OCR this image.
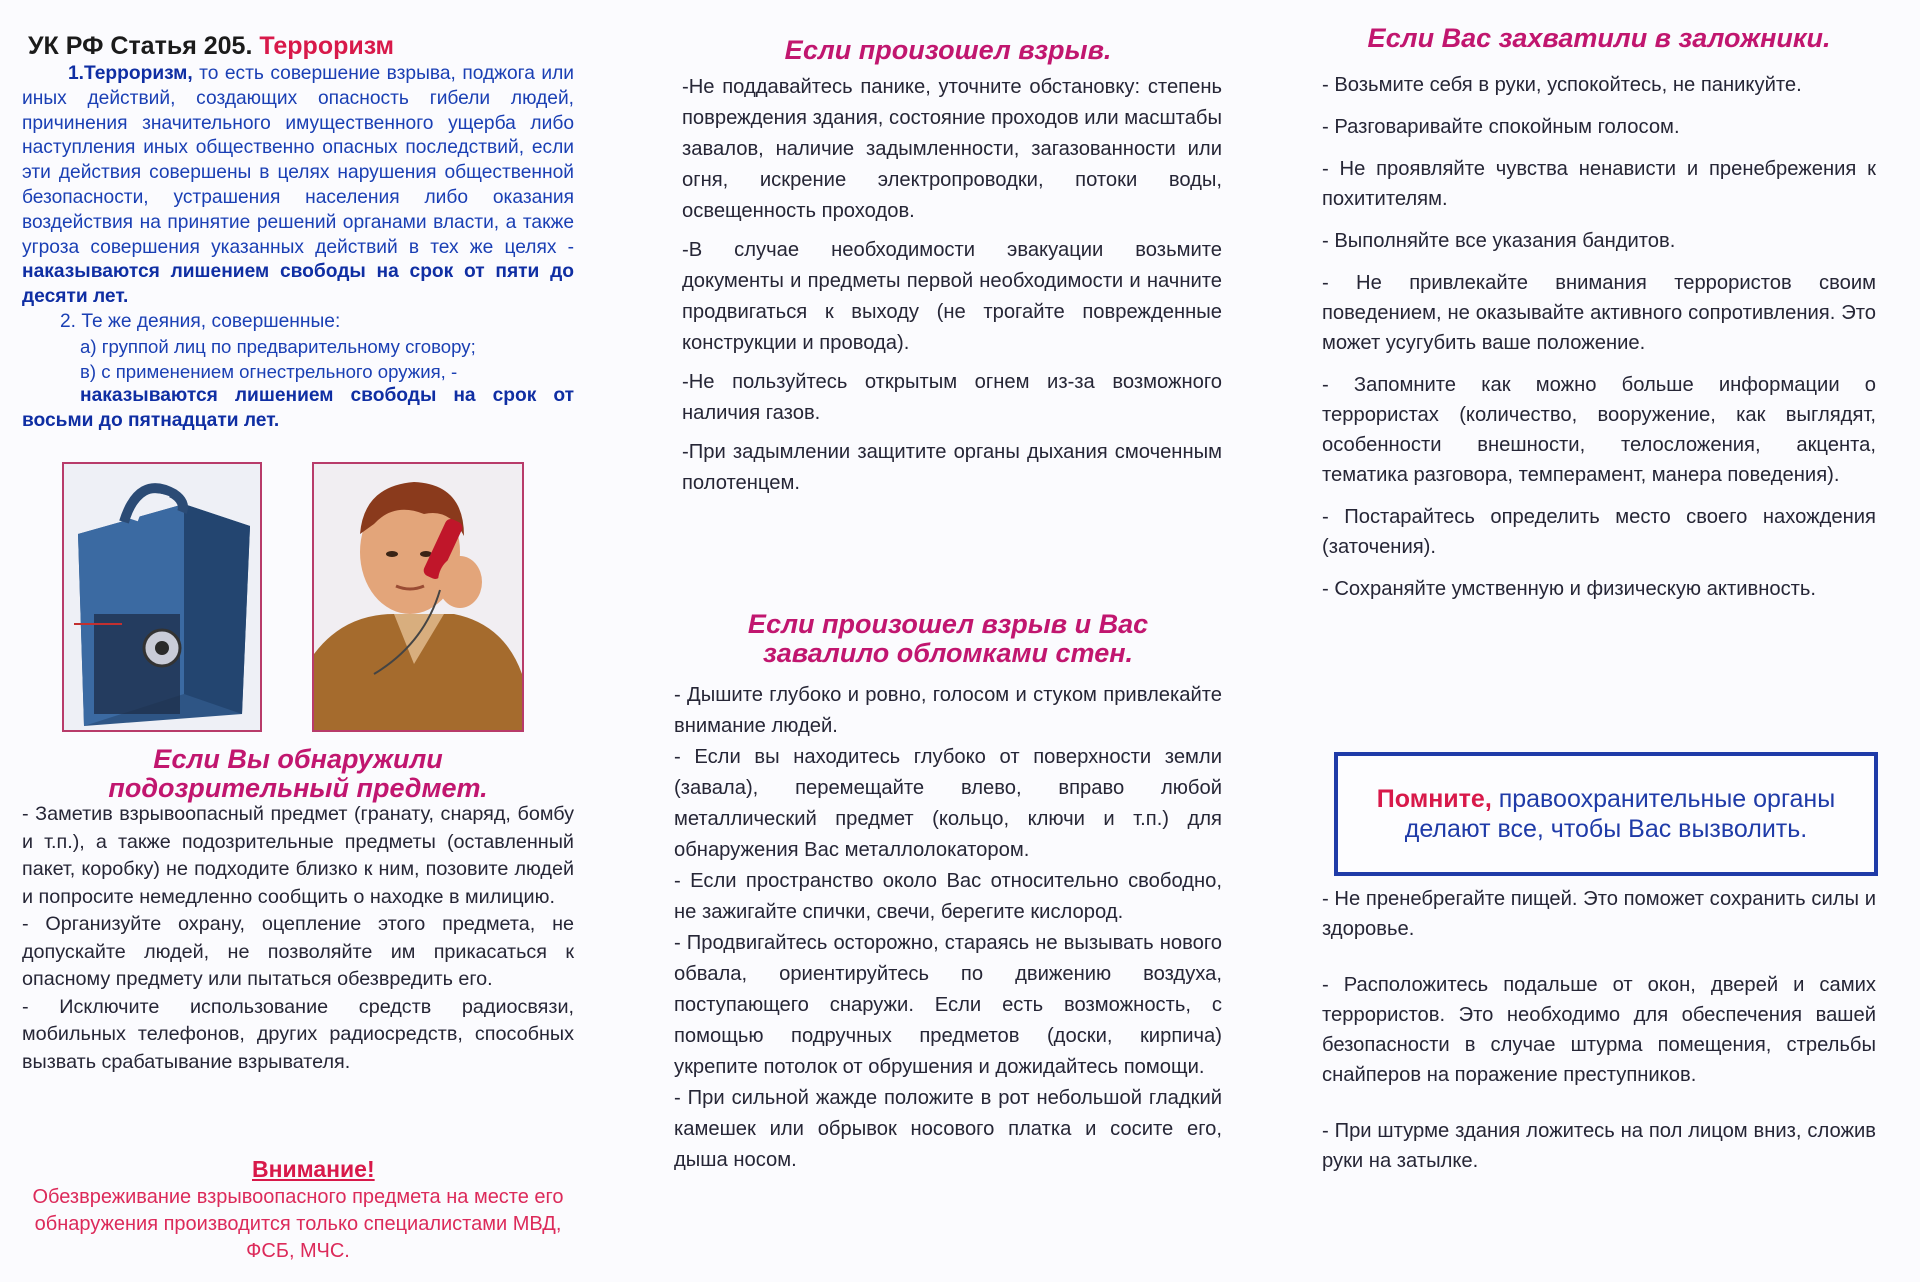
УК РФ Статья 205. Терроризм
1.Терроризм, то есть совершение взрыва, поджога или иных действий, создающих опасность гибели людей, причинения значительного имущественного ущерба либо наступления иных общественно опасных последствий, если эти действия совершены в целях нарушения общественной безопасности, устрашения населения либо оказания воздействия на принятие решений органами власти, а также угроза совершения указанных действий в тех же целях - наказываются лишением свободы на срок от пяти до десяти лет.
2. Те же деяния, совершенные:
а) группой лиц по предварительному сговору;
в) с применением огнестрельного оружия, -
наказываются лишением свободы на срок от восьми до пятнадцати лет.
Если Вы обнаружили
подозрительный предмет.

- Заметив взрывоопасный предмет (гранату, снаряд, бомбу и т.п.), а также подозрительные предметы (оставленный пакет, коробку) не подходите близко к ним, позовите людей и попросите немедленно сообщить о находке в милицию.

- Организуйте охрану, оцепление этого предмета, не допускайте людей, не позволяйте им прикасаться к опасному предмету или пытаться обезвредить его.

- Исключите использование средств радиосвязи, мобильных телефонов, других радиосредств, способных вызвать срабатывание взрывателя.

Внимание!
Обезвреживание взрывоопасного предмета на месте его обнаружения производится только специалистами МВД, ФСБ, МЧС.
Если произошел взрыв.

-Не поддавайтесь панике, уточните обстановку: степень повреждения здания, состояние проходов или масштабы завалов, наличие задымленности, загазованности или огня, искрение электропроводки, потоки воды, освещенность проходов.

-В случае необходимости эвакуации возьмите документы и предметы первой необходимости и начните продвигаться к выходу (не трогайте поврежденные конструкции и провода).

-Не пользуйтесь открытым огнем из-за возможного наличия газов.

-При задымлении защитите органы дыхания смоченным полотенцем.

Если произошел взрыв и Вас
завалило обломками стен.

- Дышите глубоко и ровно, голосом и стуком привлекайте внимание людей.

- Если вы находитесь глубоко от поверхности земли (завала), перемещайте влево, вправо любой металлический предмет (кольцо, ключи и т.п.) для обнаружения Вас металлолокатором.

- Если пространство около Вас относительно свободно, не зажигайте спички, свечи, берегите кислород.

- Продвигайтесь осторожно, стараясь не вызывать нового обвала, ориентируйтесь по движению воздуха, поступающего снаружи. Если есть возможность, с помощью подручных предметов (доски, кирпича) укрепите потолок от обрушения и дожидайтесь помощи.

- При сильной жажде положите в рот небольшой гладкий камешек или обрывок носового платка и сосите его, дыша носом.

Если Вас захватили в заложники.

- Возьмите себя в руки, успокойтесь, не паникуйте.

- Разговаривайте спокойным голосом.

- Не проявляйте чувства ненависти и пренебрежения к похитителям.

- Выполняйте все указания бандитов.

- Не привлекайте внимания террористов своим поведением, не оказывайте активного сопротивления. Это может усугубить ваше положение.

- Запомните как можно больше информации о террористах (количество, вооружение, как выглядят, особенности внешности, телосложения, акцента, тематика разговора, темперамент, манера поведения).

- Постарайтесь определить место своего нахождения (заточения).

- Сохраняйте умственную и физическую активность.

Помните, правоохранительные органы делают все, чтобы Вас вызволить.

- Не пренебрегайте пищей. Это поможет сохранить силы и здоровье.

- Расположитесь подальше от окон, дверей и самих террористов. Это необходимо для обеспечения вашей безопасности в случае штурма помещения, стрельбы снайперов на поражение преступников.

- При штурме здания ложитесь на пол лицом вниз, сложив руки на затылке.
